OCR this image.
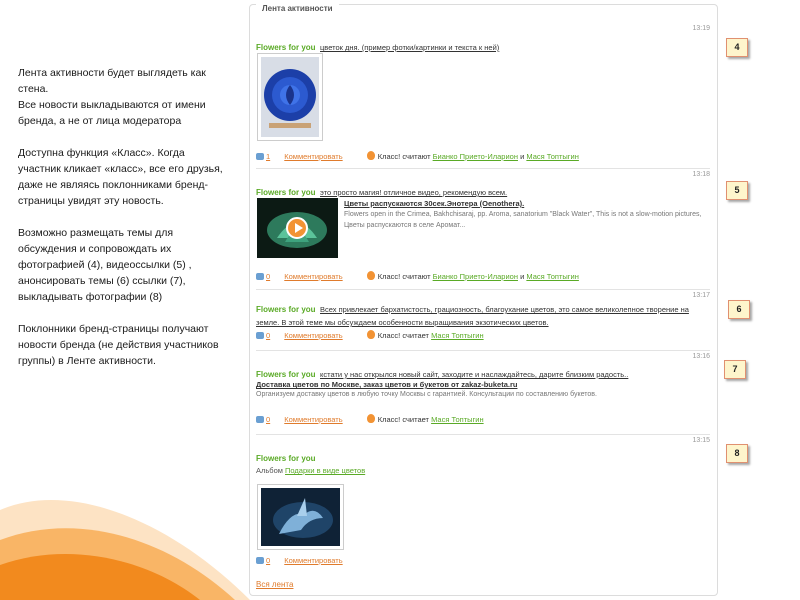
Лента активности будет выглядеть как стена.
Все новости выкладываются от имени бренда, а не от лица модератора

Доступна функция «Класс». Когда участник кликает «класс», все его друзья, даже не являясь поклонниками бренд-страницы увидят эту новость.

Возможно размещать темы для обсуждения и сопровождать их фотографией (4), видеоссылки (5) , анонсировать темы (6) ссылки (7), выкладывать фотографии (8)

Поклонники бренд-страницы получают новости бренда (не действия участников группы) в Ленте активности.

Лента активности
13:19
Flowers for you цветок дня. (пример фотки/картинки и текста к ней)
1 Комментировать	Класс! считают Бианко Прието-Иларион и Мася Топтыгин
13:18
Flowers for you это просто магия! отличное видео, рекомендую всем.
Цветы распускаются 30сек.Энотера (Oenothera).
Flowers open in the Crimea, Bakhchisaraj, pp. Aroma, sanatorium "Black Water", This is not a slow-motion pictures, Цветы распускаются в селе Аромат...
0 Комментировать	Класс! считают Бианко Прието-Иларион и Мася Топтыгин
13:17
Flowers for you Всех привлекает бархатистость, грациозность, благоухание цветов, это самое великолепное творение на земле. В этой теме мы обсуждаем особенности выращивания экзотических цветов.
0 Комментировать	Класс! считает Мася Топтыгин
13:16
Flowers for you кстати у нас открылся новый сайт, заходите и наслаждайтесь, дарите близким радость..
Доставка цветов по Москве, заказ цветов и букетов от zakaz-buketa.ru
Организуем доставку цветов в любую точку Москвы с гарантией. Консультации по составлению букетов.
0 Комментировать	Класс! считает Мася Топтыгин
13:15
Flowers for you
Альбом Подарки в виде цветов
0 Комментировать
Вся лента
4
5
6
7
8
